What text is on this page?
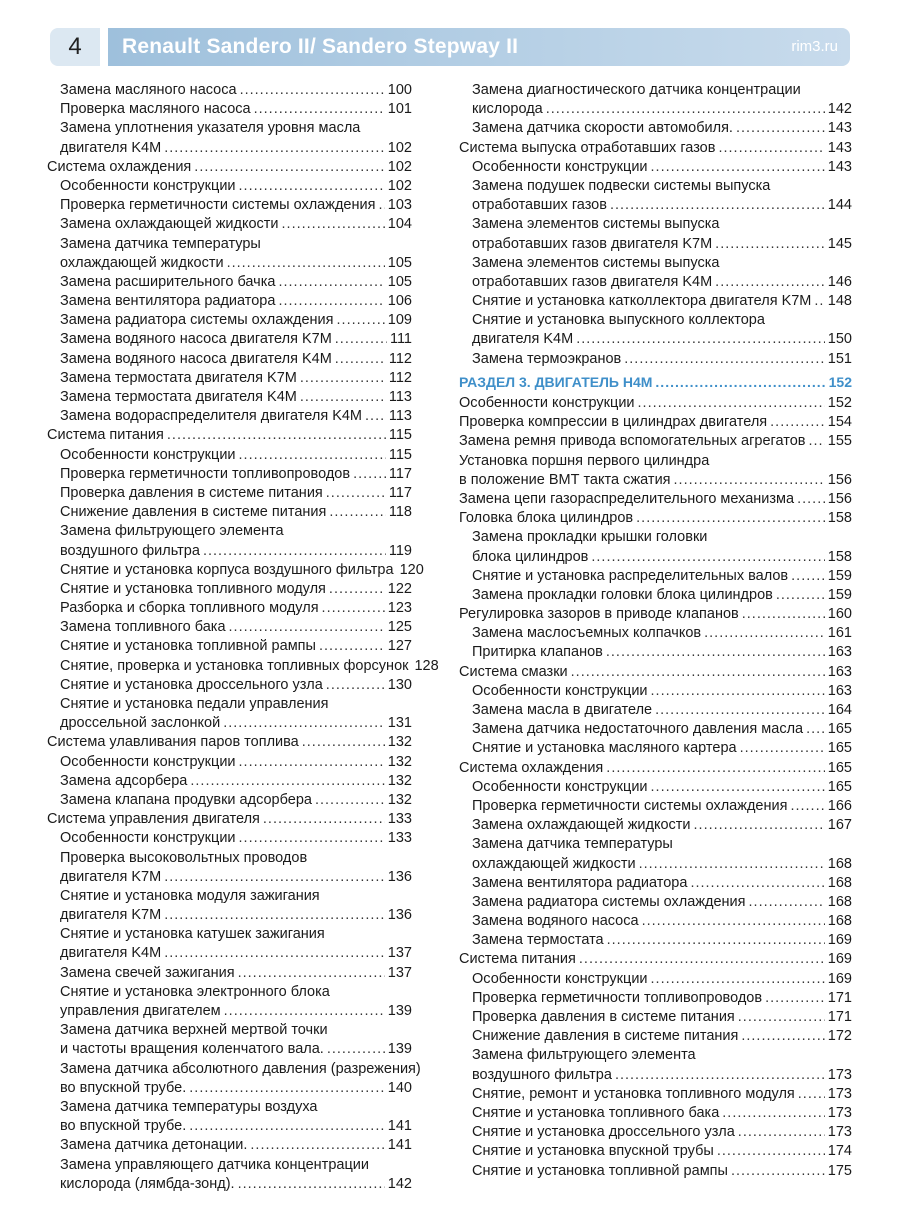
4	Renault Sandero II/ Sandero Stepway II	rim3.ru
Замена масляного насоса .....	100
Проверка масляного насоса .....	101
Замена уплотнения указателя уровня масла
двигателя K4M .....	102
Система охлаждения .....	102
Особенности конструкции .....	102
Проверка герметичности системы охлаждения ..... 103
Замена охлаждающей жидкости .....	104
Замена датчика температуры
охлаждающей жидкости .....	105
Замена расширительного бачка .....	105
Замена вентилятора радиатора .....	106
Замена радиатора системы охлаждения .....	109
Замена водяного насоса двигателя K7M .....	111
Замена водяного насоса двигателя K4M .....	112
Замена термостата двигателя K7M .....	112
Замена термостата двигателя K4M .....	113
Замена водораспределителя двигателя K4M ..... 113
Система питания .....	115
Особенности конструкции .....	115
Проверка герметичности топливопроводов .....	117
Проверка давления в системе питания .....	117
Снижение давления в системе питания .....	118
Замена фильтрующего элемента
воздушного фильтра .....	119
Снятие и установка корпуса воздушного фильтра 120
Снятие и установка топливного модуля .....	122
Разборка и сборка топливного модуля .....	123
Замена топливного бака .....	125
Снятие и установка топливной рампы .....	127
Снятие, проверка и установка топливных форсунок 128
Снятие и установка дроссельного узла .....	130
Снятие и установка педали управления
дроссельной заслонкой .....	131
Система улавливания паров топлива .....	132
Особенности конструкции .....	132
Замена адсорбера .....	132
Замена клапана продувки адсорбера .....	132
Система управления двигателя .....	133
Особенности конструкции .....	133
Проверка высоковольтных проводов
двигателя K7M .....	136
Снятие и установка модуля зажигания
двигателя K7M .....	136
Снятие и установка катушек зажигания
двигателя K4M .....	137
Замена свечей зажигания .....	137
Снятие и установка электронного блока
управления двигателем .....	139
Замена датчика верхней мертвой точки
и частоты вращения коленчатого вала. .....	139
Замена датчика абсолютного давления (разрежения)
во впускной трубе. .....	140
Замена датчика температуры воздуха
во впускной трубе. .....	141
Замена датчика детонации. .....	141
Замена управляющего датчика концентрации
кислорода (лямбда-зонд). .....	142
Замена диагностического датчика концентрации
кислорода .....	142
Замена датчика скорости автомобиля. .....	143
Система выпуска отработавших газов .....	143
Особенности конструкции .....	143
Замена подушек подвески системы выпуска
отработавших газов .....	144
Замена элементов системы выпуска
отработавших газов двигателя K7M .....	145
Замена элементов системы выпуска
отработавших газов двигателя K4M .....	146
Снятие и установка катколлектора двигателя K7M ..... 148
Снятие и установка выпускного коллектора
двигателя K4M .....	150
Замена термоэкранов .....	151
РАЗДЕЛ 3. ДВИГАТЕЛЬ H4M .....	152
Особенности конструкции .....	152
Проверка компрессии в цилиндрах двигателя .....	154
Замена ремня привода вспомогательных агрегатов ..... 155
Установка поршня первого цилиндра
в положение ВМТ такта сжатия .....	156
Замена цепи газораспределительного механизма ..... 156
Головка блока цилиндров .....	158
Замена прокладки крышки головки
блока цилиндров .....	158
Снятие и установка распределительных валов .....	159
Замена прокладки головки блока цилиндров .....	159
Регулировка зазоров в приводе клапанов .....	160
Замена маслосъемных колпачков .....	161
Притирка клапанов .....	163
Система смазки .....	163
Особенности конструкции .....	163
Замена масла в двигателе .....	164
Замена датчика недостаточного давления масла ..... 165
Снятие и установка масляного картера .....	165
Система охлаждения .....	165
Особенности конструкции .....	165
Проверка герметичности системы охлаждения .....	166
Замена охлаждающей жидкости .....	167
Замена датчика температуры
охлаждающей жидкости .....	168
Замена вентилятора радиатора .....	168
Замена радиатора системы охлаждения .....	168
Замена водяного насоса .....	168
Замена термостата .....	169
Система питания .....	169
Особенности конструкции .....	169
Проверка герметичности топливопроводов .....	171
Проверка давления в системе питания .....	171
Снижение давления в системе питания .....	172
Замена фильтрующего элемента
воздушного фильтра .....	173
Снятие, ремонт и установка топливного модуля ..... 173
Снятие и установка топливного бака .....	173
Снятие и установка дроссельного узла .....	173
Снятие и установка впускной трубы .....	174
Снятие и установка топливной рампы .....	175
